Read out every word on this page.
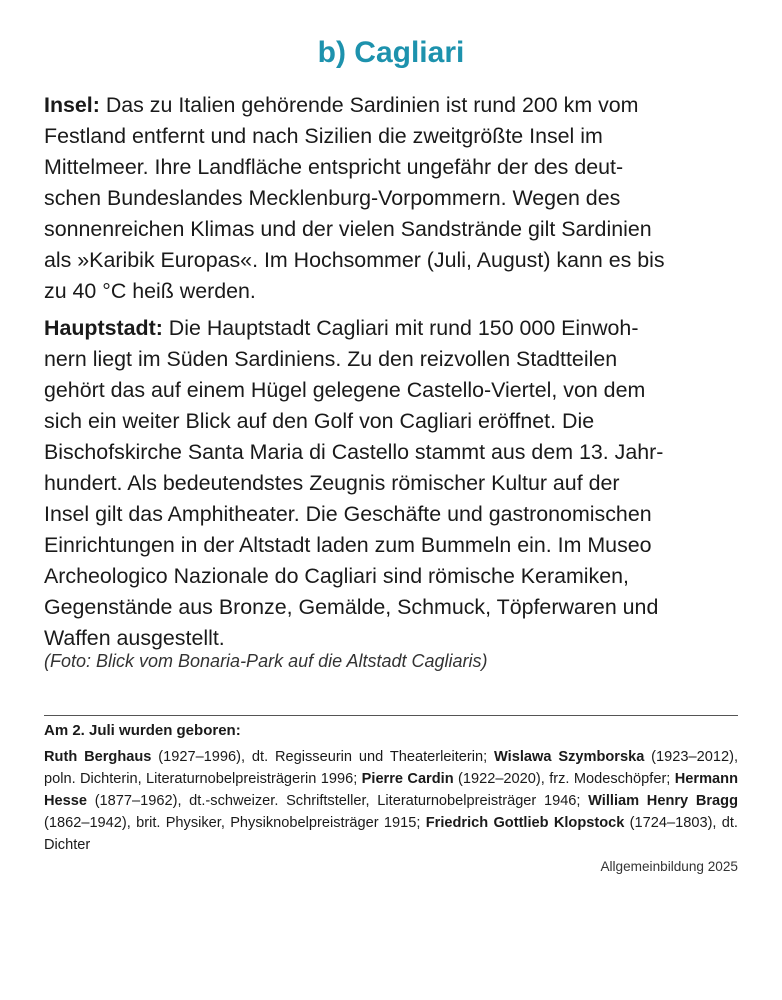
b) Cagliari

Insel: Das zu Italien gehörende Sardinien ist rund 200 km vom
Festland entfernt und nach Sizilien die zweitgrößte Insel im
Mittelmeer. Ihre Landfläche entspricht ungefähr der des deut-
schen Bundeslandes Mecklenburg-Vorpommern. Wegen des
sonnenreichen Klimas und der vielen Sandstrände gilt Sardinien
als »Karibik Europas«. Im Hochsommer (Juli, August) kann es bis
zu 40 °C heiß werden.

Hauptstadt: Die Hauptstadt Cagliari mit rund 150 000 Einwoh-
nern liegt im Süden Sardiniens. Zu den reizvollen Stadtteilen
gehört das auf einem Hügel gelegene Castello-Viertel, von dem
sich ein weiter Blick auf den Golf von Cagliari eröffnet. Die
Bischofskirche Santa Maria di Castello stammt aus dem 13. Jahr-
hundert. Als bedeutendstes Zeugnis römischer Kultur auf der
Insel gilt das Amphitheater. Die Geschäfte und gastronomischen
Einrichtungen in der Altstadt laden zum Bummeln ein. Im Museo
Archeologico Nazionale do Cagliari sind römische Keramiken,
Gegenstände aus Bronze, Gemälde, Schmuck, Töpferwaren und
Waffen ausgestellt.

(Foto: Blick vom Bonaria-Park auf die Altstadt Cagliaris)

Am 2. Juli wurden geboren:

Ruth Berghaus (1927–1996), dt. Regisseurin und Theaterleiterin; Wislawa Szymborska (1923–2012), poln. Dichterin, Literaturnobelpreisträgerin 1996; Pierre Cardin (1922–2020), frz. Modeschöpfer; Hermann Hesse (1877–1962), dt.-schweizer. Schriftsteller, Literaturnobelpreisträger 1946; William Henry Bragg (1862–1942), brit. Physiker, Physiknobelpreisträger 1915; Friedrich Gottlieb Klopstock (1724–1803), dt. Dichter

Allgemeinbildung 2025
